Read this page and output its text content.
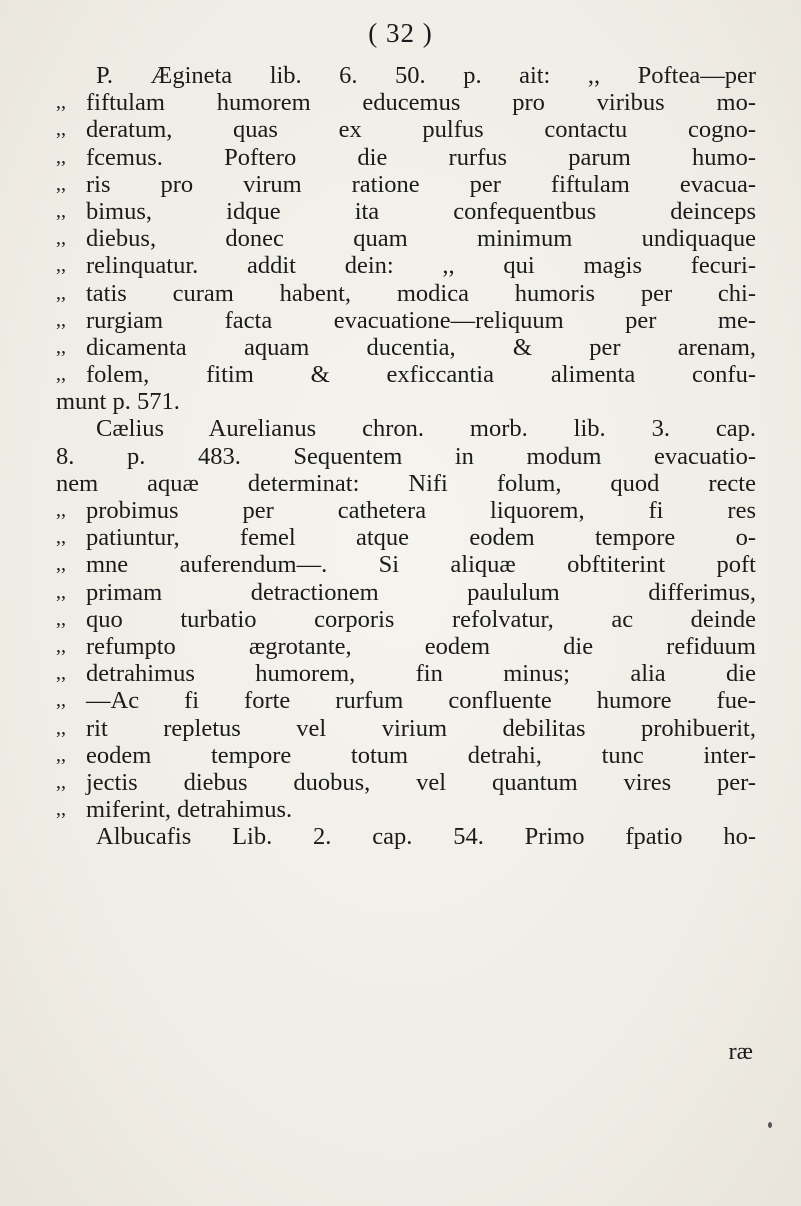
( 32 )
P. Ægineta lib. 6. 50. p. ait: ,, Poftea—per
,, fiftulam humorem educemus pro viribus mo-
,, deratum, quas ex pulfus contactu cogno-
,, fcemus. Poftero die rurfus parum humo-
,, ris pro virum ratione per fiftulam evacua-
,, bimus, idque ita confequentbus deinceps
,, diebus, donec quam minimum undiquaque
,, relinquatur. addit dein: ,, qui magis fecuri-
,, tatis curam habent, modica humoris per chi-
,, rurgiam facta evacuatione—reliquum per me-
,, dicamenta aquam ducentia, & per arenam,
,, folem, fitim & exficcantia alimenta confu-
munt p. 571.
Cælius Aurelianus chron. morb. lib. 3. cap.
8. p. 483. Sequentem in modum evacuatio-
nem aquæ determinat: Nifi folum, quod recte
,, probimus per cathetera liquorem, fi res
,, patiuntur, femel atque eodem tempore o-
,, mne auferendum—. Si aliquæ obftiterint poft
,, primam detractionem paululum differimus,
,, quo turbatio corporis refolvatur, ac deinde
,, refumpto ægrotante, eodem die refiduum
,, detrahimus humorem, fin minus; alia die
,, —Ac fi forte rurfum confluente humore fue-
,, rit repletus vel virium debilitas prohibuerit,
,, eodem tempore totum detrahi, tunc inter-
,, jectis diebus duobus, vel quantum vires per-
,, miferint, detrahimus.
Albucafis Lib. 2. cap. 54. Primo fpatio ho-
ræ
